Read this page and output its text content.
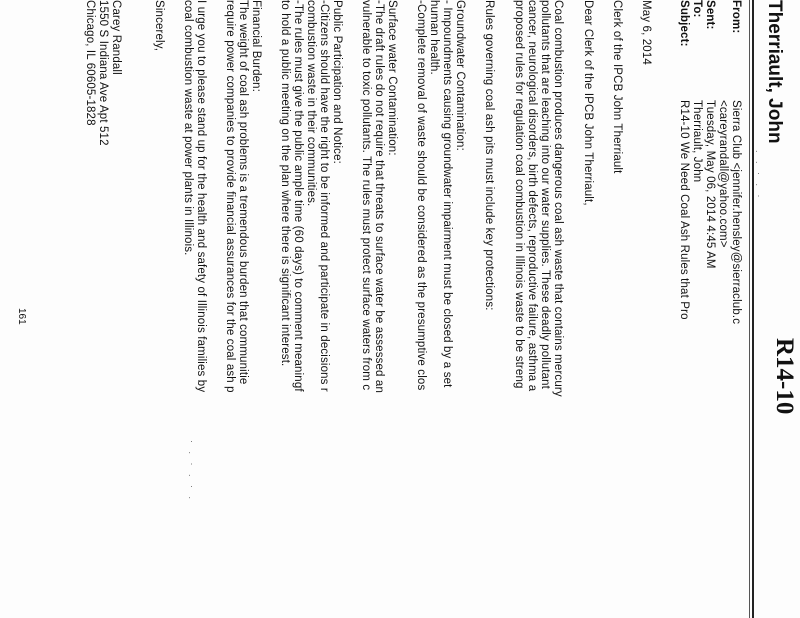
Therriault, John
R14-10
From:
Sierra Club <jennifer.hensley@sierraclub.c
<careyrandall@yahoo.com>
Sent:
Tuesday, May 06, 2014 4:45 AM
To:
Therriault, John
Subject:
R14-10 We Need Coal Ash Rules that Pro
May 6, 2014
Clerk of the IPCB John Therriault
Dear Clerk of the IPCB John Therriault,
Coal combustion produces dangerous coal ash waste that contains mercury
pollutants that are leaching into our water supplies. These deadly pollutant
cancer, neurological disorders, birth defects, reproductive failure, asthma a
proposed rules for regulation coal combustion in Illinois waste to be streng
Rules governing coal ash pits must include key protections:
Groundwater Contamination:
- Impoundments causing groundwater impairment must be closed by a set
human health.
-Complete removal of waste should be considered as the presumptive clos
Surface water Contamination:
-The draft rules do not require that threats to surface water be assessed an
vulnerable to toxic pollutants. The rules must protect surface waters from c
Public Participation and Notice:
-Citizens should have the right to be informed and participate in decisions r
combustion waste in their communities.
-The rules must give the public ample time (60 days) to comment meaningf
to hold a public meeting on the plan where there is significant interest.
Financial Burden:
The weight of coal ash problems is a tremendous burden that communitie
require power companies to provide financial assurances for the coal ash p
I urge you to please stand up for the health and safety of Illinois families by
coal combustion waste at power plants in Illinois.
Sincerely,
Carey Randall
1550 S Indiana Ave Apt 512
Chicago, IL 60605-1828
161
. . · . ·
· . · . · .
